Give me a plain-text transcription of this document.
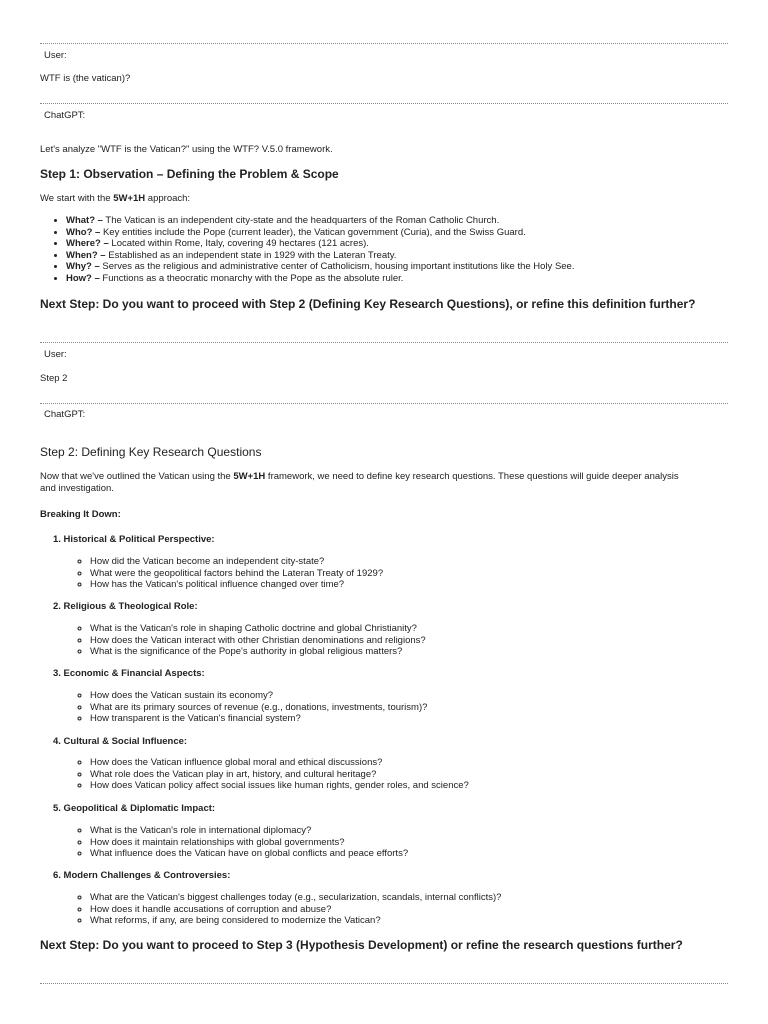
User:

WTF is (the vatican)?

ChatGPT:

Let's analyze "WTF is the Vatican?" using the WTF? V.5.0 framework.

Step 1: Observation – Defining the Problem & Scope

We start with the 5W+1H approach:

• What? – The Vatican is an independent city-state and the headquarters of the Roman Catholic Church.
• Who? – Key entities include the Pope (current leader), the Vatican government (Curia), and the Swiss Guard.
• Where? – Located within Rome, Italy, covering 49 hectares (121 acres).
• When? – Established as an independent state in 1929 with the Lateran Treaty.
• Why? – Serves as the religious and administrative center of Catholicism, housing important institutions like the Holy See.
• How? – Functions as a theocratic monarchy with the Pope as the absolute ruler.
Next Step: Do you want to proceed with Step 2 (Defining Key Research Questions), or refine this definition further?

User:

Step 2

ChatGPT:

Step 2: Defining Key Research Questions

Now that we've outlined the Vatican using the 5W+1H framework, we need to define key research questions. These questions will guide deeper analysis

and investigation.

Breaking It Down:

1. Historical & Political Perspective:

◦ How did the Vatican become an independent city-state?
◦ What were the geopolitical factors behind the Lateran Treaty of 1929?
◦ How has the Vatican's political influence changed over time?

2. Religious & Theological Role:

◦ What is the Vatican's role in shaping Catholic doctrine and global Christianity?
◦ How does the Vatican interact with other Christian denominations and religions?
◦ What is the significance of the Pope's authority in global religious matters?

3. Economic & Financial Aspects:

◦ How does the Vatican sustain its economy?
◦ What are its primary sources of revenue (e.g., donations, investments, tourism)?
◦ How transparent is the Vatican's financial system?

4. Cultural & Social Influence:

◦ How does the Vatican influence global moral and ethical discussions?
◦ What role does the Vatican play in art, history, and cultural heritage?
◦ How does Vatican policy affect social issues like human rights, gender roles, and science?

5. Geopolitical & Diplomatic Impact:

◦ What is the Vatican's role in international diplomacy?
◦ How does it maintain relationships with global governments?
◦ What influence does the Vatican have on global conflicts and peace efforts?

6. Modern Challenges & Controversies:

◦ What are the Vatican's biggest challenges today (e.g., secularization, scandals, internal conflicts)?
◦ How does it handle accusations of corruption and abuse?
◦ What reforms, if any, are being considered to modernize the Vatican?
Next Step: Do you want to proceed to Step 3 (Hypothesis Development) or refine the research questions further?
